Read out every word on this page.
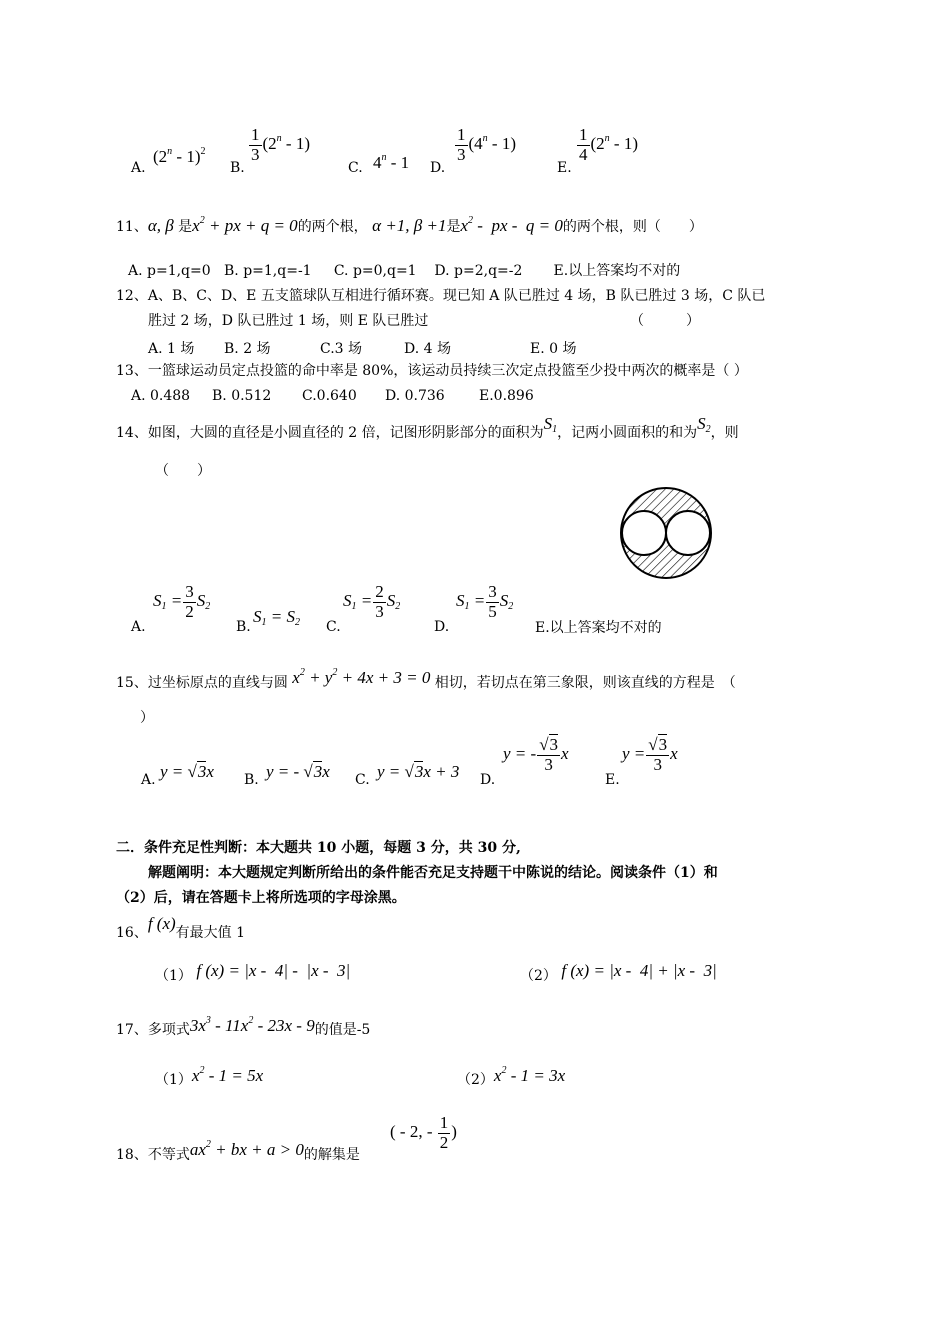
A.
(2$^n$ - 1)$^2$
B.
$\frac{1}{3} (2^n - 1)$
C. 4$^n$ - 1 D.
$\frac{1}{3} (4^n - 1)$
E.
$\frac{1}{4} (2^n - 1)$
11、α, β 是$x^2$ + px + q = 0的两个根， α +1, β +1是$x^2$ -  px -  q = 0的两个根，则（　　）
A. p=1,q=0   B. p=1,q=-1     C. p=0,q=1    D. p=2,q=-2       E.以上答案均不对的
12、A、B、C、D、E 五支篮球队互相进行循环赛。现已知 A 队已胜过 4 场，B 队已胜过 3 场，C 队已
胜过 2 场，D 队已胜过 1 场，则 E 队已胜过	（　　　）
A. 1 场 B. 2 场	C.3 场	D. 4 场	E. 0 场
13、一篮球运动员定点投篮的命中率是 80%，该运动员持续三次定点投篮至少投中两次的概率是（ ）
A. 0.488 B. 0.512 C.0.640 D. 0.736 E.0.896
14、如图，大圆的直径是小圆直径的 2 倍，记图形阴影部分的面积为$S_1$，记两小圆面积的和为$S_2$，则
（　　）
A.
$S_1 = \frac{3}{2} S_2$
B.
$S_1 = S_2$ C.
$S_1 = \frac{2}{3} S_2$
D.
$S_1 = \frac{3}{5} S_2$
E.以上答案均不对的
15、过坐标原点的直线与圆 $x^2 + y^2 + 4x + 3 = 0$ 相切，若切点在第三象限，则该直线的方程是　（
）
A. y = √3x B. y = - √3x C. y = √3x + 3 D.
y = - $\frac{√3}{3}$ x
E.
$y = \frac{√3}{3}$ x
二．条件充足性判断：本大题共 10 小题，每题 3 分，共 30 分,
解题阐明：本大题规定判断所给出的条件能否充足支持题干中陈说的结论。阅读条件（1）和
（2）后，请在答题卡上将所选项的字母涂黑。
16、f (x)有最大值 1
（1） f (x) = |x -  4| -  |x -  3|	（2） f (x) = |x -  4| + |x -  3|
17、多项式$3x^3 - 11x^2 - 23x - 9$的值是-5
$(1)x^2 - 1 = 5x$	$(2)x^2 - 1 = 3x$
18、不等式$ax^2$ + bx + a > 0的解集是
( - 2, - $\frac{1}{2}$ )
